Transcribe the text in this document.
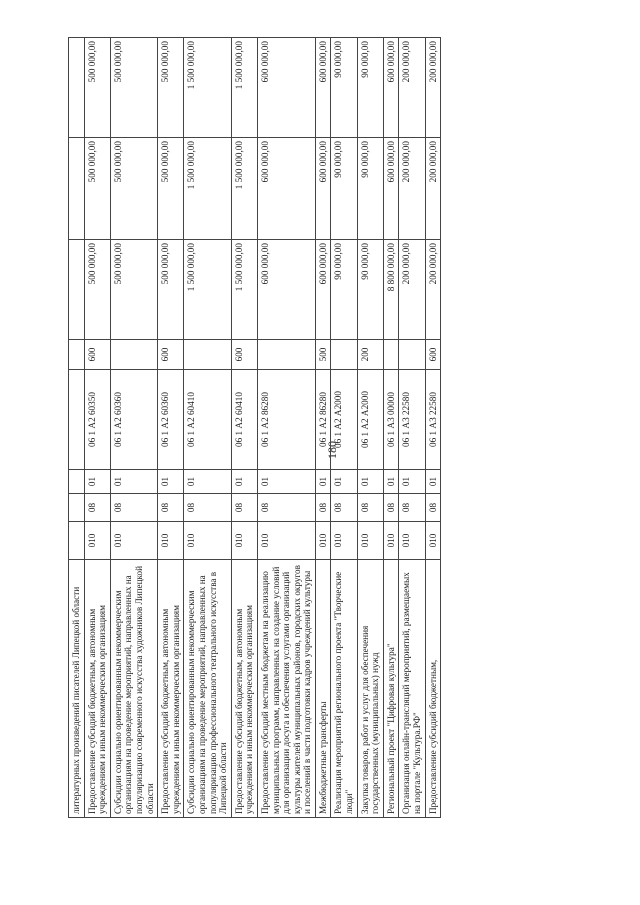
180
литературных произведений писателей Липецкой области								
Предоставление субсидий бюджетным, автономным учреждениям и иным некоммерческим организациям	010	08	01	06 1 А2 60350	600	500 000,00	500 000,00	500 000,00
Субсидии социально ориентированным некоммерческим организациям на проведение мероприятий, направленных на популяризацию современного искусства художников Липецкой области	010	08	01	06 1 А2 60360		500 000,00	500 000,00	500 000,00
Предоставление субсидий бюджетным, автономным учреждениям и иным некоммерческим организациям	010	08	01	06 1 А2 60360	600	500 000,00	500 000,00	500 000,00
Субсидии социально ориентированным некоммерческим организациям на проведение мероприятий, направленных на популяризацию профессионального театрального искусства в Липецкой области	010	08	01	06 1 А2 60410		1 500 000,00	1 500 000,00	1 500 000,00
Предоставление субсидий бюджетным, автономным учреждениям и иным некоммерческим организациям	010	08	01	06 1 А2 60410	600	1 500 000,00	1 500 000,00	1 500 000,00
Предоставление субсидий местным бюджетам на реализацию муниципальных программ, направленных на создание условий для организации досуга и обеспечения услугами организаций культуры жителей муниципальных районов, городских округов и поселений в части подготовки кадров учреждений культуры	010	08	01	06 1 А2 86280		600 000,00	600 000,00	600 000,00
Межбюджетные трансферты	010	08	01	06 1 А2 86280	500	600 000,00	600 000,00	600 000,00
Реализация мероприятий регионального проекта "Творческие люди"	010	08	01	06 1 А2 А2000		90 000,00	90 000,00	90 000,00
Закупка товаров, работ и услуг для обеспечения государственных (муниципальных) нужд	010	08	01	06 1 А2 А2000	200	90 000,00	90 000,00	90 000,00
Региональный проект "Цифровая культура"	010	08	01	06 1 А3 00000		8 800 000,00	600 000,00	600 000,00
Организация онлайн-трансляций мероприятий, размещаемых на портале "Культура.РФ"	010	08	01	06 1 А3 22580		200 000,00	200 000,00	200 000,00
Предоставление субсидий бюджетным,	010	08	01	06 1 А3 22580	600	200 000,00	200 000,00	200 000,00
